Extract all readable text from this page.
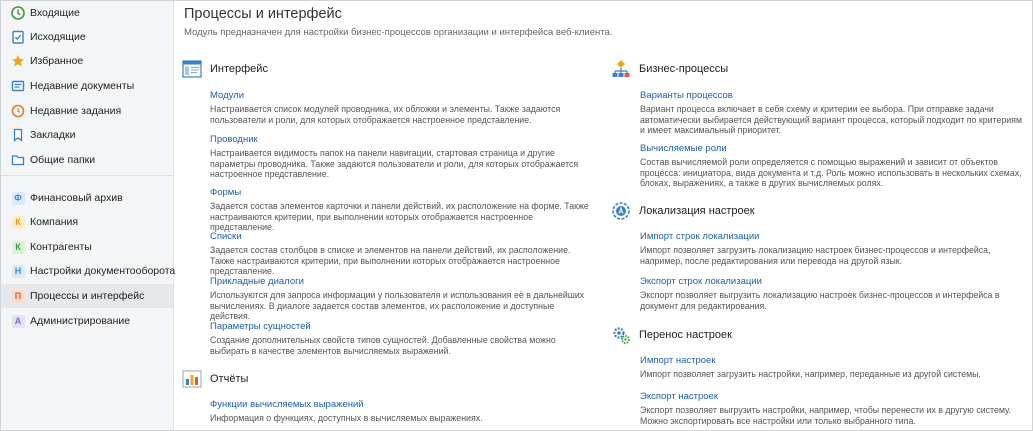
Входящие
Исходящие
Избранное
Недавние документы
Недавние задания
Закладки
Общие папки
Ф Финансовый архив
К Компания
К Контрагенты
Н Настройки документооборота
П Процессы и интерфейс
А Администрирование
Процессы и интерфейс
Модуль предназначен для настройки бизнес-процессов организации и интерфейса веб-клиента.
Интерфейс
Модули
Настраивается список модулей проводника, их обложки и элементы. Также задаются пользователи и роли, для которых отображается настроенное представление.
Проводник
Настраивается видимость папок на панели навигации, стартовая страница и другие параметры проводника. Также задаются пользователи и роли, для которых отображается настроенное представление.
Формы
Задается состав элементов карточки и панели действий, их расположение на форме. Также настраиваются критерии, при выполнении которых отображается настроенное представление.
Списки
Задается состав столбцов в списке и элементов на панели действий, их расположение. Также настраиваются критерии, при выполнении которых отображается настроенное представление.
Прикладные диалоги
Используются для запроса информации у пользователя и использования её в дальнейших вычислениях. В диалоге задается состав элементов, их расположение и доступные действия.
Параметры сущностей
Создание дополнительных свойств типов сущностей. Добавленные свойства можно выбирать в качестве элементов вычисляемых выражений.
Отчёты
Функции вычисляемых выражений
Информация о функциях, доступных в вычисляемых выражениях.
Бизнес-процессы
Варианты процессов
Вариант процесса включает в себя схему и критерии ее выбора. При отправке задачи автоматически выбирается действующий вариант процесса, который подходит по критериям и имеет максимальный приоритет.
Вычисляемые роли
Состав вычисляемой роли определяется с помощью выражений и зависит от объектов процесса: инициатора, вида документа и т.д. Роль можно использовать в нескольких схемах, блоках, выражениях, а также в других вычисляемых ролях.
Локализация настроек
Импорт строк локализации
Импорт позволяет загрузить локализацию настроек бизнес-процессов и интерфейса, например, после редактирования или перевода на другой язык.
Экспорт строк локализации
Экспорт позволяет выгрузить локализацию настроек бизнес-процессов и интерфейса в документ для редактирования.
Перенос настроек
Импорт настроек
Импорт позволяет загрузить настройки, например, переданные из другой системы.
Экспорт настроек
Экспорт позволяет выгрузить настройки, например, чтобы перенести их в другую систему. Можно экспортировать все настройки или только выбранного типа.
